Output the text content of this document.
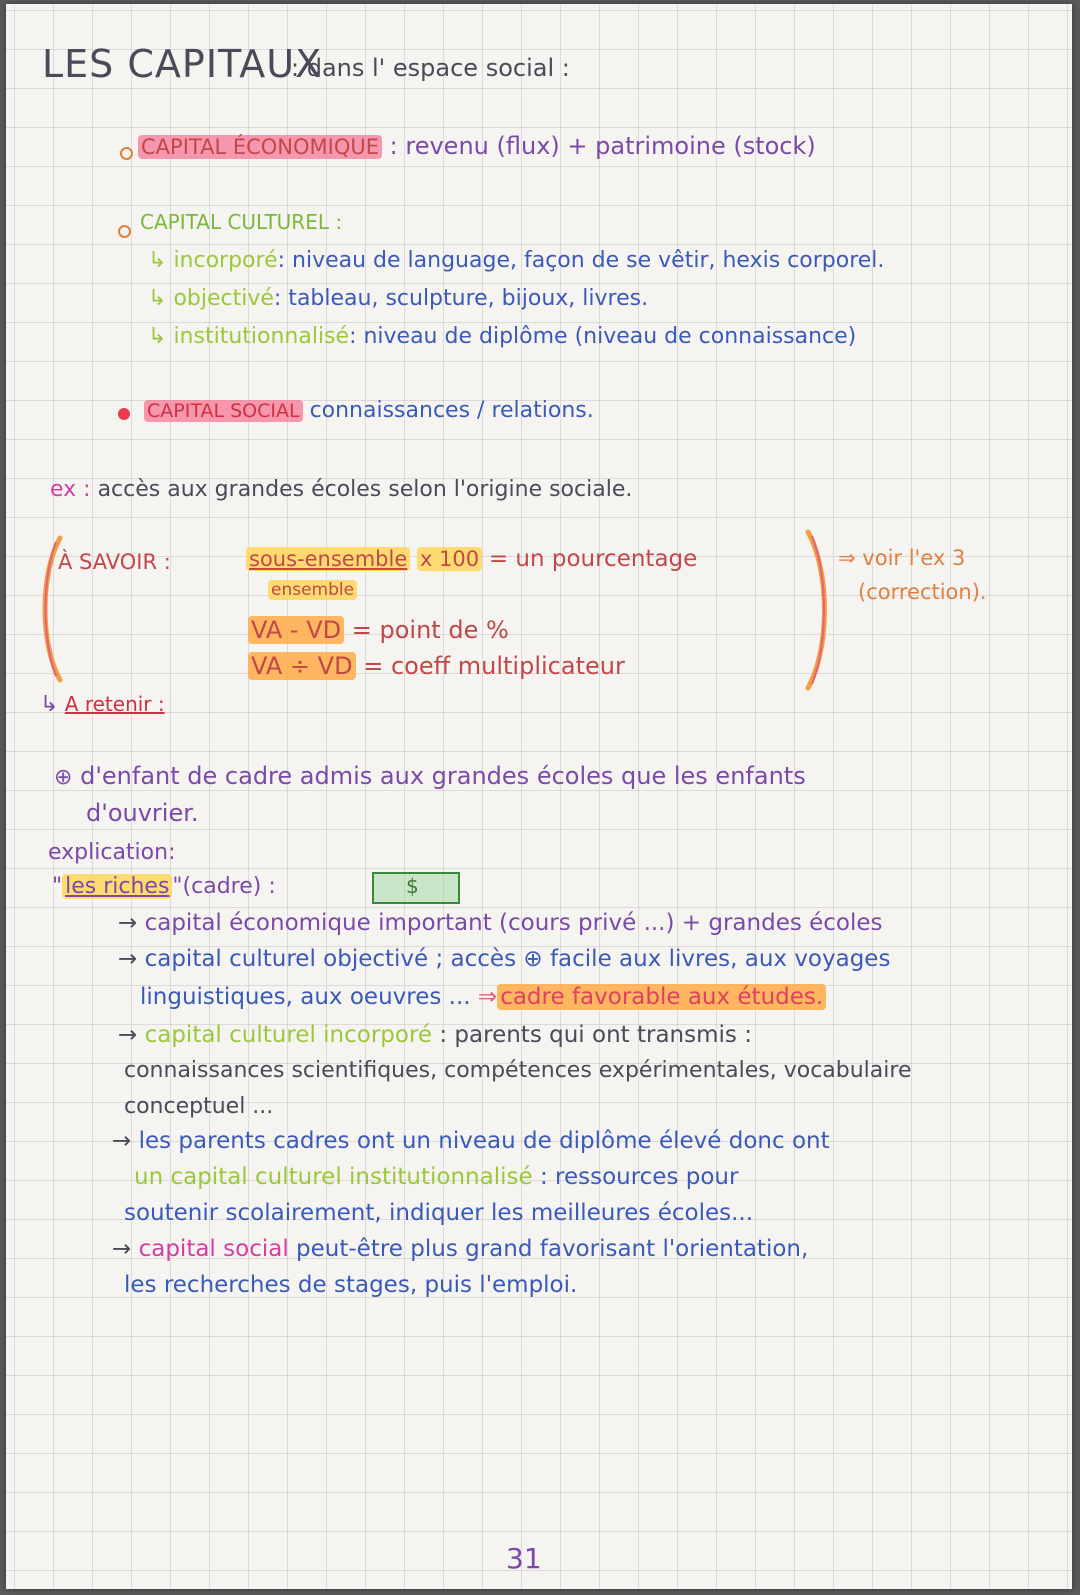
LES CAPITAUX
: dans l' espace social :
CAPITAL ÉCONOMIQUE : revenu (flux) + patrimoine (stock)
CAPITAL CULTUREL :
↳ incorporé: niveau de language, façon de se vêtir, hexis corporel.
↳ objectivé: tableau, sculpture, bijoux, livres.
↳ institutionnalisé: niveau de diplôme (niveau de connaissance)
CAPITAL SOCIAL connaissances / relations.
ex : accès aux grandes écoles selon l'origine sociale.
À SAVOIR :	sous-ensemble x 100 = un pourcentage
ensemble
VA - VD = point de %
VA ÷ VD = coeff multiplicateur
⇒ voir l'ex 3
(correction).
↳ A retenir :
⊕ d'enfant de cadre admis aux grandes écoles que les enfants
d'ouvrier.
explication:
" les riches "(cadre) :	$
→ capital économique important (cours privé ...) + grandes écoles
→ capital culturel objectivé ; accès ⊕ facile aux livres, aux voyages
linguistiques, aux oeuvres ... ⇒ cadre favorable aux études.
→ capital culturel incorporé : parents qui ont transmis :
connaissances scientifiques, compétences expérimentales, vocabulaire
conceptuel ...
→ les parents cadres ont un niveau de diplôme élevé donc ont
un capital culturel institutionnalisé : ressources pour
soutenir scolairement, indiquer les meilleures écoles...
→ capital social peut-être plus grand favorisant l'orientation,
les recherches de stages, puis l'emploi.
31
